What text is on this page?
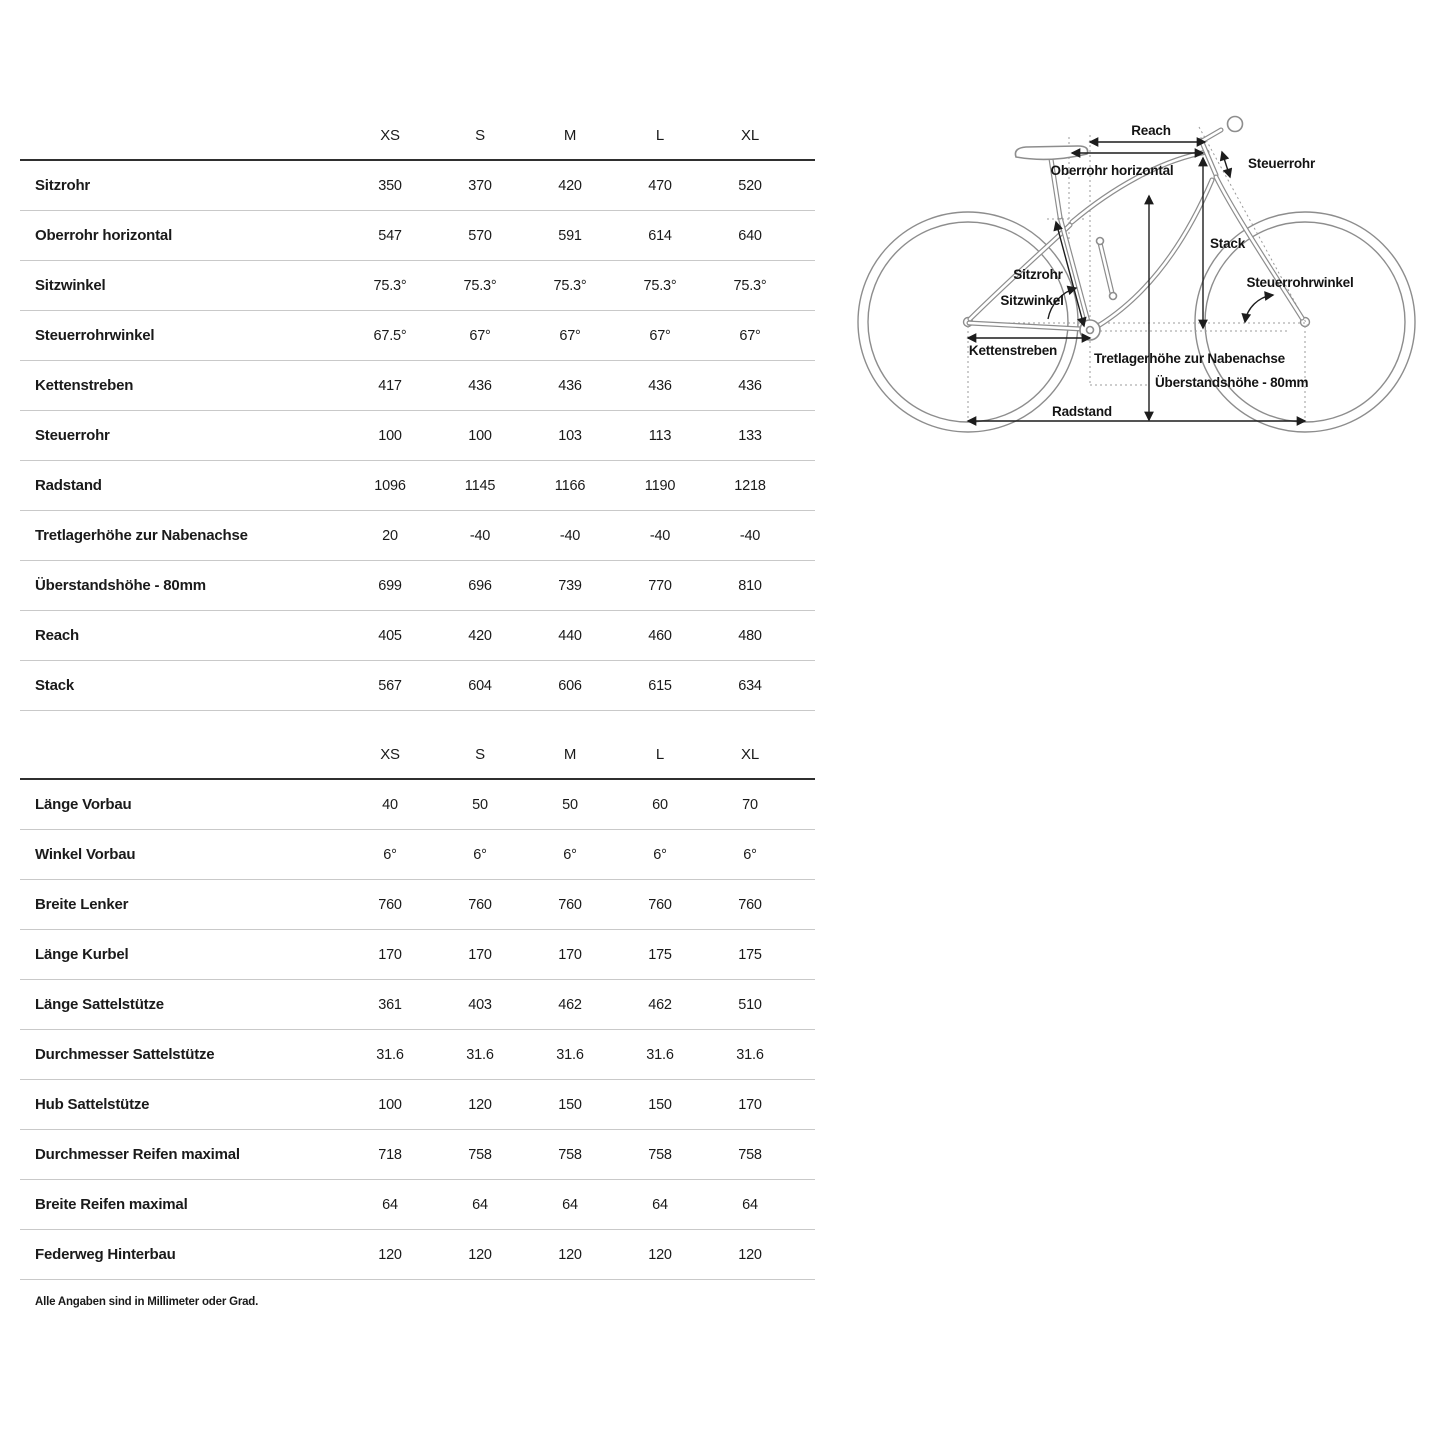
XS	S	M	L	XL
Sitzrohr	350	370	420	470	520
Oberrohr horizontal	547	570	591	614	640
Sitzwinkel	75.3°	75.3°	75.3°	75.3°	75.3°
Steuerrohrwinkel	67.5°	67°	67°	67°	67°
Kettenstreben	417	436	436	436	436
Steuerrohr	100	100	103	113	133
Radstand	1096	1145	1166	1190	1218
Tretlagerhöhe zur Nabenachse	20	-40	-40	-40	-40
Überstandshöhe - 80mm	699	696	739	770	810
Reach	405	420	440	460	480
Stack	567	604	606	615	634
XS	S	M	L	XL
Länge Vorbau	40	50	50	60	70
Winkel Vorbau	6°	6°	6°	6°	6°
Breite Lenker	760	760	760	760	760
Länge Kurbel	170	170	170	175	175
Länge Sattelstütze	361	403	462	462	510
Durchmesser Sattelstütze	31.6	31.6	31.6	31.6	31.6
Hub Sattelstütze	100	120	150	150	170
Durchmesser Reifen maximal	718	758	758	758	758
Breite Reifen maximal	64	64	64	64	64
Federweg Hinterbau	120	120	120	120	120

Alle Angaben sind in Millimeter oder Grad.

Reach
Oberrohr horizontal	Steuerrohr
Stack
Sitzrohr
Sitzwinkel
Steuerrohrwinkel
Kettenstreben
Tretlagerhöhe zur Nabenachse
Überstandshöhe - 80mm
Radstand
